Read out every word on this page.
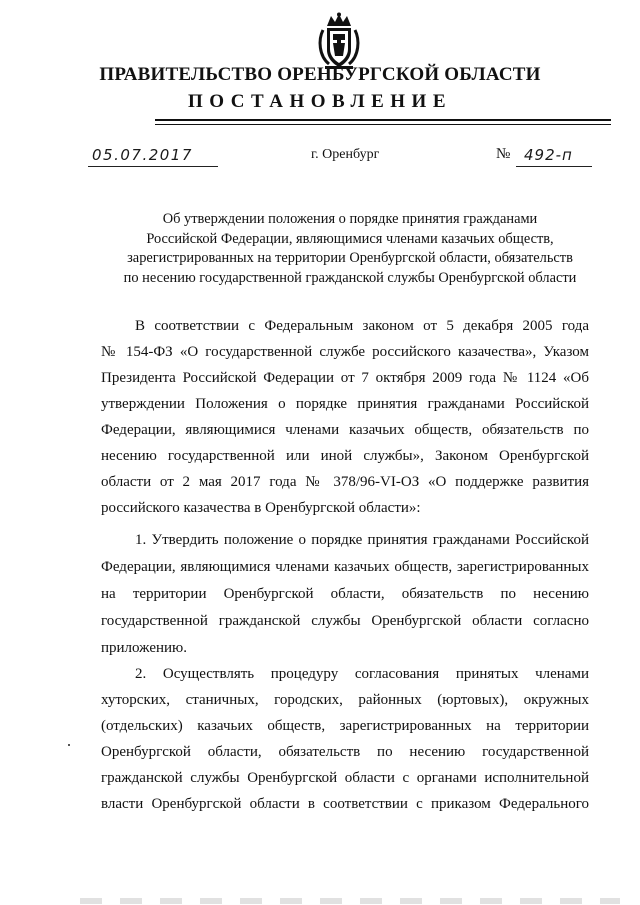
ПРАВИТЕЛЬСТВО ОРЕНБУРГСКОЙ ОБЛАСТИ
ПОСТАНОВЛЕНИЕ
05.07.2017	г. Оренбург	№ 492-п
Об утверждении положения о порядке принятия гражданами
Российской Федерации, являющимися членами казачьих обществ,
зарегистрированных на территории Оренбургской области, обязательств
по несению государственной гражданской службы Оренбургской области
В соответствии с Федеральным законом от 5 декабря 2005 года
№ 154-ФЗ «О государственной службе российского казачества», Указом
Президента Российской Федерации от 7 октября 2009 года № 1124 «Об
утверждении Положения о порядке принятия гражданами Российской
Федерации, являющимися членами казачьих обществ, обязательств по
несению государственной или иной службы», Законом Оренбургской
области от 2 мая 2017 года № 378/96-VI-ОЗ «О поддержке развития
российского казачества в Оренбургской области»:
1. Утвердить положение о порядке принятия гражданами Российской
Федерации, являющимися членами казачьих обществ, зарегистрированных
на территории Оренбургской области, обязательств по несению
государственной гражданской службы Оренбургской области согласно
приложению.
2. Осуществлять процедуру согласования принятых членами
хуторских, станичных, городских, районных (юртовых), окружных
(отдельских) казачьих обществ, зарегистрированных на территории
Оренбургской области, обязательств по несению государственной
гражданской службы Оренбургской области с органами исполнительной
власти Оренбургской области в соответствии с приказом Федерального
